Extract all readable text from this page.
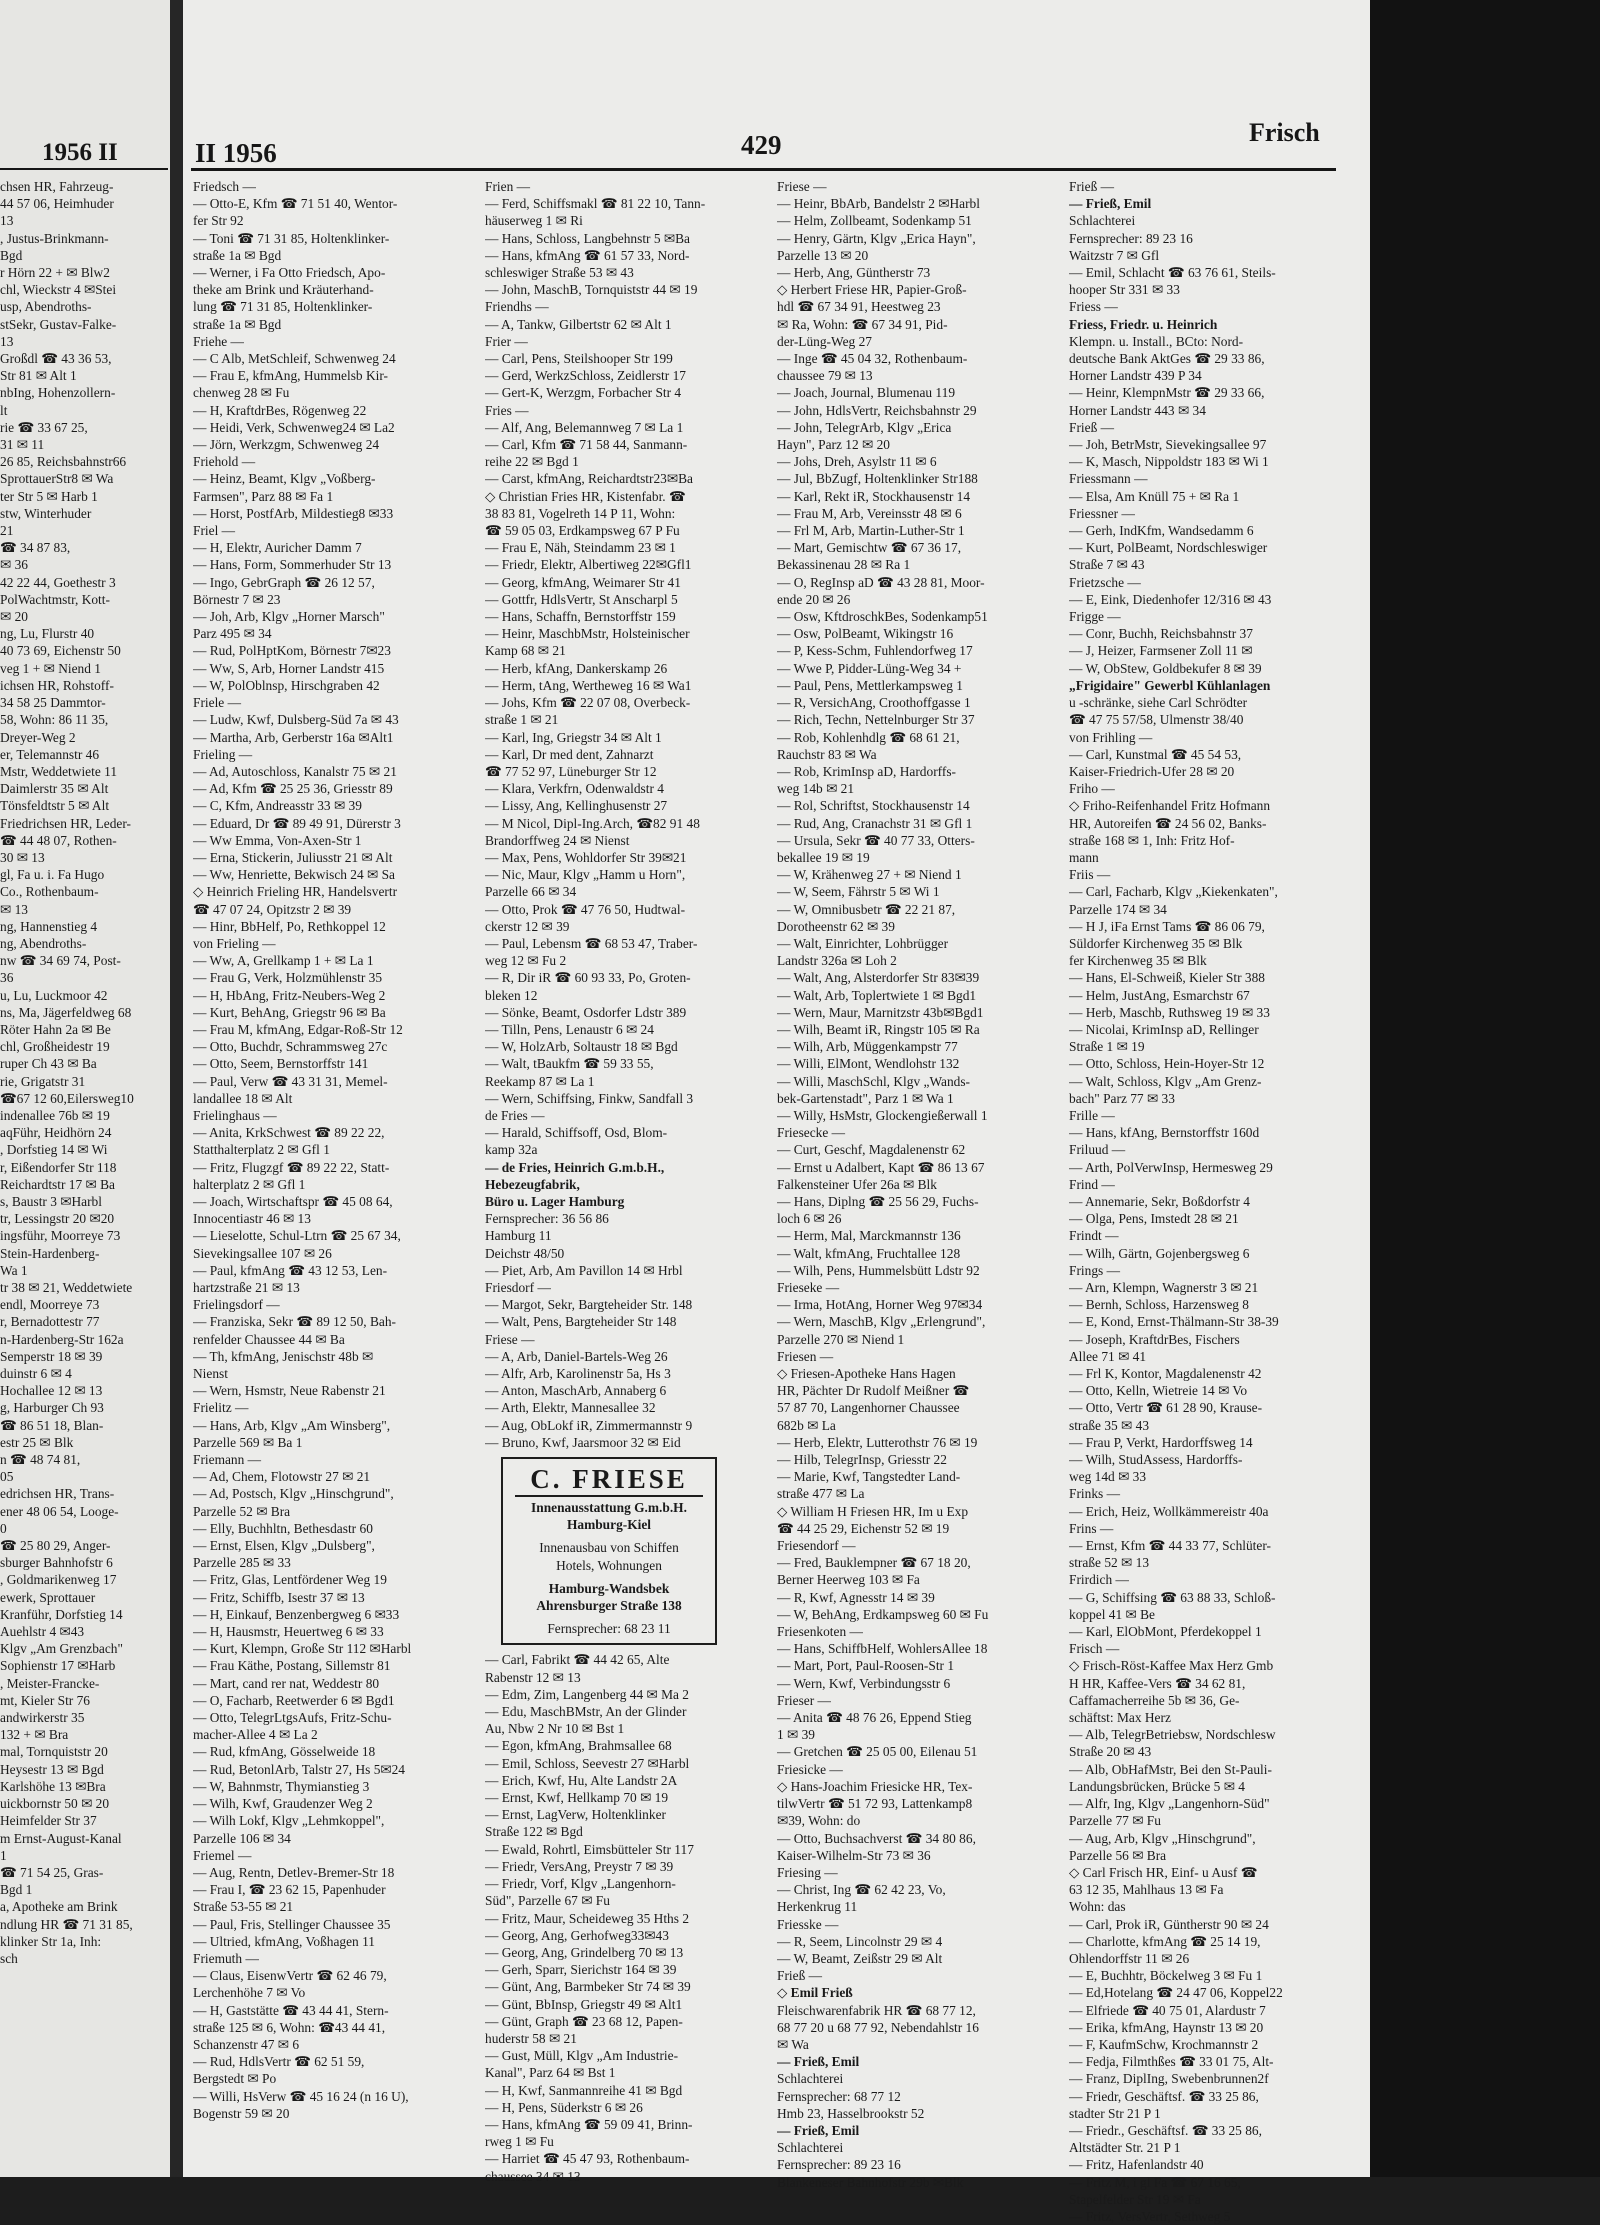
1956 II
chsen HR, Fahrzeug-
44 57 06, Heimhuder
13
, Justus-Brinkmann-
Bgd
r Hörn 22 + ✉ Blw2
chl, Wieckstr 4 ✉Stei
usp, Abendroths-
stSekr, Gustav-Falke-
13
Großdl ☎ 43 36 53,
Str 81 ✉ Alt 1
nbIng, Hohenzollern-
lt
rie ☎ 33 67 25,
31 ✉ 11
26 85, Reichsbahnstr66
SprottauerStr8 ✉ Wa
ter Str 5 ✉ Harb 1
stw, Winterhuder
21
☎ 34 87 83,
✉ 36
42 22 44, Goethestr 3
PolWachtmstr, Kott-
✉ 20
ng, Lu, Flurstr 40
40 73 69, Eichenstr 50
veg 1 + ✉ Niend 1
ichsen HR, Rohstoff-
34 58 25 Dammtor-
58, Wohn: 86 11 35,
Dreyer-Weg 2
er, Telemannstr 46
Mstr, Weddetwiete 11
Daimlerstr 35 ✉ Alt
Tönsfeldtstr 5 ✉ Alt
Friedrichsen HR, Leder-
☎ 44 48 07, Rothen-
30 ✉ 13
gl, Fa u. i. Fa Hugo
Co., Rothenbaum-
✉ 13
ng, Hannenstieg 4
ng, Abendroths-
nw ☎ 34 69 74, Post-
36
u, Lu, Luckmoor 42
ns, Ma, Jägerfeldweg 68
Röter Hahn 2a ✉ Be
chl, Großheidestr 19
ruper Ch 43 ✉ Ba
rie, Grigatstr 31
☎67 12 60,Eilersweg10
indenallee 76b ✉ 19
aqFühr, Heidhörn 24
, Dorfstieg 14 ✉ Wi
r, Eißendorfer Str 118
Reichardtstr 17 ✉ Ba
s, Baustr 3 ✉Harbl
tr, Lessingstr 20 ✉20
ingsführ, Moorreye 73
Stein-Hardenberg-
Wa 1
tr 38 ✉ 21, Weddetwiete
endl, Moorreye 73
r, Bernadottestr 77
n-Hardenberg-Str 162a
Semperstr 18 ✉ 39
duinstr 6 ✉ 4
Hochallee 12 ✉ 13
g, Harburger Ch 93
☎ 86 51 18, Blan-
estr 25 ✉ Blk
n ☎ 48 74 81,
05
edrichsen HR, Trans-
ener 48 06 54, Looge-
0
☎ 25 80 29, Anger-
sburger Bahnhofstr 6
, Goldmarikenweg 17
ewerk, Sprottauer
Kranführ, Dorfstieg 14
Auehlstr 4 ✉43
Klgv „Am Grenzbach"
Sophienstr 17 ✉Harb
, Meister-Francke-
mt, Kieler Str 76
andwirkerstr 35
132 + ✉ Bra
mal, Tornquiststr 20
Heysestr 13 ✉ Bgd
Karlshöhe 13 ✉Bra
uickbornstr 50 ✉ 20
Heimfelder Str 37
m Ernst-August-Kanal
1
☎ 71 54 25, Gras-
Bgd 1
a, Apotheke am Brink
ndlung HR ☎ 71 31 85,
klinker Str 1a, Inh:
sch
II 1956	429	Frisch
Friedsch —
— Otto-E, Kfm ☎ 71 51 40, Wentor-
fer Str 92
— Toni ☎ 71 31 85, Holtenklinker-
straße 1a ✉ Bgd
— Werner, i Fa Otto Friedsch, Apo-
theke am Brink und Kräuterhand-
lung ☎ 71 31 85, Holtenklinker-
straße 1a ✉ Bgd
Friehe —
— C Alb, MetSchleif, Schwenweg 24
— Frau E, kfmAng, Hummelsb Kir-
chenweg 28 ✉ Fu
— H, KraftdrBes, Rögenweg 22
— Heidi, Verk, Schwenweg24 ✉ La2
— Jörn, Werkzgm, Schwenweg 24
Friehold —
— Heinz, Beamt, Klgv „Voßberg-
Farmsen", Parz 88 ✉ Fa 1
— Horst, PostfArb, Mildestieg8 ✉33
Friel —
— H, Elektr, Auricher Damm 7
— Hans, Form, Sommerhuder Str 13
— Ingo, GebrGraph ☎ 26 12 57,
Börnestr 7 ✉ 23
— Joh, Arb, Klgv „Horner Marsch"
Parz 495 ✉ 34
— Rud, PolHptKom, Börnestr 7✉23
— Ww, S, Arb, Horner Landstr 415
— W, PolOblnsp, Hirschgraben 42
Friele —
— Ludw, Kwf, Dulsberg-Süd 7a ✉ 43
— Martha, Arb, Gerberstr 16a ✉Alt1
Frieling —
— Ad, Autoschloss, Kanalstr 75 ✉ 21
— Ad, Kfm ☎ 25 25 36, Griesstr 89
— C, Kfm, Andreasstr 33 ✉ 39
— Eduard, Dr ☎ 89 49 91, Dürerstr 3
— Ww Emma, Von-Axen-Str 1
— Erna, Stickerin, Juliusstr 21 ✉ Alt
— Ww, Henriette, Bekwisch 24 ✉ Sa
◇ Heinrich Frieling HR, Handelsvertr
☎ 47 07 24, Opitzstr 2 ✉ 39
— Hinr, BbHelf, Po, Rethkoppel 12
von Frieling —
— Ww, A, Grellkamp 1 + ✉ La 1
— Frau G, Verk, Holzmühlenstr 35
— H, HbAng, Fritz-Neubers-Weg 2
— Kurt, BehAng, Griegstr 96 ✉ Ba
— Frau M, kfmAng, Edgar-Roß-Str 12
— Otto, Buchdr, Schrammsweg 27c
— Otto, Seem, Bernstorffstr 141
— Paul, Verw ☎ 43 31 31, Memel-
landallee 18 ✉ Alt
Frielinghaus —
— Anita, KrkSchwest ☎ 89 22 22,
Statthalterplatz 2 ✉ Gfl 1
— Fritz, Flugzgf ☎ 89 22 22, Statt-
halterplatz 2 ✉ Gfl 1
— Joach, Wirtschaftspr ☎ 45 08 64,
Innocentiastr 46 ✉ 13
— Lieselotte, Schul-Ltrn ☎ 25 67 34,
Sievekingsallee 107 ✉ 26
— Paul, kfmAng ☎ 43 12 53, Len-
hartzstraße 21 ✉ 13
Frielingsdorf —
— Franziska, Sekr ☎ 89 12 50, Bah-
renfelder Chaussee 44 ✉ Ba
— Th, kfmAng, Jenischstr 48b ✉
Nienst
— Wern, Hsmstr, Neue Rabenstr 21
Frielitz —
— Hans, Arb, Klgv „Am Winsberg",
Parzelle 569 ✉ Ba 1
Friemann —
— Ad, Chem, Flotowstr 27 ✉ 21
— Ad, Postsch, Klgv „Hinschgrund",
Parzelle 52 ✉ Bra
— Elly, Buchhltn, Bethesdastr 60
— Ernst, Elsen, Klgv „Dulsberg",
Parzelle 285 ✉ 33
— Fritz, Glas, Lentfördener Weg 19
— Fritz, Schiffb, Isestr 37 ✉ 13
— H, Einkauf, Benzenbergweg 6 ✉33
— H, Hausmstr, Heuertweg 6 ✉ 33
— Kurt, Klempn, Große Str 112 ✉Harbl
— Frau Käthe, Postang, Sillemstr 81
— Mart, cand rer nat, Weddestr 80
— O, Facharb, Reetwerder 6 ✉ Bgd1
— Otto, TelegrLtgsAufs, Fritz-Schu-
macher-Allee 4 ✉ La 2
— Rud, kfmAng, Gösselweide 18
— Rud, BetonlArb, Talstr 27, Hs 5✉24
— W, Bahnmstr, Thymianstieg 3
— Wilh, Kwf, Graudenzer Weg 2
— Wilh Lokf, Klgv „Lehmkoppel",
Parzelle 106 ✉ 34
Friemel —
— Aug, Rentn, Detlev-Bremer-Str 18
— Frau I, ☎ 23 62 15, Papenhuder
Straße 53-55 ✉ 21
— Paul, Fris, Stellinger Chaussee 35
— Ultried, kfmAng, Voßhagen 11
Friemuth —
— Claus, EisenwVertr ☎ 62 46 79,
Lerchenhöhe 7 ✉ Vo
— H, Gaststätte ☎ 43 44 41, Stern-
straße 125 ✉ 6, Wohn: ☎43 44 41,
Schanzenstr 47 ✉ 6
— Rud, HdlsVertr ☎ 62 51 59,
Bergstedt ✉ Po
— Willi, HsVerw ☎ 45 16 24 (n 16 U),
Bogenstr 59 ✉ 20
Frien —
— Ferd, Schiffsmakl ☎ 81 22 10, Tann-
häuserweg 1 ✉ Ri
— Hans, Schloss, Langbehnstr 5 ✉Ba
— Hans, kfmAng ☎ 61 57 33, Nord-
schleswiger Straße 53 ✉ 43
— John, MaschB, Tornquiststr 44 ✉ 19
Friendhs —
— A, Tankw, Gilbertstr 62 ✉ Alt 1
Frier —
— Carl, Pens, Steilshooper Str 199
— Gerd, WerkzSchloss, Zeidlerstr 17
— Gert-K, Werzgm, Forbacher Str 4
Fries —
— Alf, Ang, Belemannweg 7 ✉ La 1
— Carl, Kfm ☎ 71 58 44, Sanmann-
reihe 22 ✉ Bgd 1
— Carst, kfmAng, Reichardtstr23✉Ba
◇ Christian Fries HR, Kistenfabr. ☎
38 83 81, Vogelreth 14 P 11, Wohn:
☎ 59 05 03, Erdkampsweg 67 P Fu
— Frau E, Näh, Steindamm 23 ✉ 1
— Friedr, Elektr, Albertiweg 22✉Gfl1
— Georg, kfmAng, Weimarer Str 41
— Gottfr, HdlsVertr, St Anscharpl 5
— Hans, Schaffn, Bernstorffstr 159
— Heinr, MaschbMstr, Holsteinischer
Kamp 68 ✉ 21
— Herb, kfAng, Dankerskamp 26
— Herm, tAng, Wertheweg 16 ✉ Wa1
— Johs, Kfm ☎ 22 07 08, Overbeck-
straße 1 ✉ 21
— Karl, Ing, Griegstr 34 ✉ Alt 1
— Karl, Dr med dent, Zahnarzt
☎ 77 52 97, Lüneburger Str 12
— Klara, Verkfrn, Odenwaldstr 4
— Lissy, Ang, Kellinghusenstr 27
— M Nicol, Dipl-Ing.Arch, ☎82 91 48
Brandorffweg 24 ✉ Nienst
— Max, Pens, Wohldorfer Str 39✉21
— Nic, Maur, Klgv „Hamm u Horn",
Parzelle 66 ✉ 34
— Otto, Prok ☎ 47 76 50, Hudtwal-
ckerstr 12 ✉ 39
— Paul, Lebensm ☎ 68 53 47, Traber-
weg 12 ✉ Fu 2
— R, Dir iR ☎ 60 93 33, Po, Groten-
bleken 12
— Sönke, Beamt, Osdorfer Ldstr 389
— Tilln, Pens, Lenaustr 6 ✉ 24
— W, HolzArb, Soltaustr 18 ✉ Bgd
— Walt, tBaukfm ☎ 59 33 55,
Reekamp 87 ✉ La 1
— Wern, Schiffsing, Finkw, Sandfall 3
de Fries —
— Harald, Schiffsoff, Osd, Blom-
kamp 32a
— de Fries, Heinrich G.m.b.H.,
Hebezeugfabrik,
Büro u. Lager Hamburg
Fernsprecher: 36 56 86
Hamburg 11
Deichstr 48/50
— Piet, Arb, Am Pavillon 14 ✉ Hrbl
Friesdorf —
— Margot, Sekr, Bargteheider Str. 148
— Walt, Pens, Bargteheider Str 148
Friese —
— A, Arb, Daniel-Bartels-Weg 26
— Alfr, Arb, Karolinenstr 5a, Hs 3
— Anton, MaschArb, Annaberg 6
— Arth, Elektr, Mannesallee 32
— Aug, ObLokf iR, Zimmermannstr 9
— Bruno, Kwf, Jaarsmoor 32 ✉ Eid
C. FRIESE
Innenausstattung G.m.b.H.
Hamburg-Kiel
Innenausbau von Schiffen
Hotels, Wohnungen
Hamburg-Wandsbek
Ahrensburger Straße 138
Fernsprecher: 68 23 11
— Carl, Fabrikt ☎ 44 42 65, Alte
Rabenstr 12 ✉ 13
— Edm, Zim, Langenberg 44 ✉ Ma 2
— Edu, MaschBMstr, An der Glinder
Au, Nbw 2 Nr 10 ✉ Bst 1
— Egon, kfmAng, Brahmsallee 68
— Emil, Schloss, Seevestr 27 ✉Harbl
— Erich, Kwf, Hu, Alte Landstr 2A
— Ernst, Kwf, Hellkamp 70 ✉ 19
— Ernst, LagVerw, Holtenklinker
Straße 122 ✉ Bgd
— Ewald, Rohrtl, Eimsbütteler Str 117
— Friedr, VersAng, Preystr 7 ✉ 39
— Friedr, Vorf, Klgv „Langenhorn-
Süd", Parzelle 67 ✉ Fu
— Fritz, Maur, Scheideweg 35 Hths 2
— Georg, Ang, Gerhofweg33✉43
— Georg, Ang, Grindelberg 70 ✉ 13
— Gerh, Sparr, Sierichstr 164 ✉ 39
— Günt, Ang, Barmbeker Str 74 ✉ 39
— Günt, BbInsp, Griegstr 49 ✉ Alt1
— Günt, Graph ☎ 23 68 12, Papen-
huderstr 58 ✉ 21
— Gust, Müll, Klgv „Am Industrie-
Kanal", Parz 64 ✉ Bst 1
— H, Kwf, Sanmannreihe 41 ✉ Bgd
— H, Pens, Süderkstr 6 ✉ 26
— Hans, kfmAng ☎ 59 09 41, Brinn-
rweg 1 ✉ Fu
— Harriet ☎ 45 47 93, Rothenbaum-
chaussee 34 ✉ 13
Friese —
— Heinr, BbArb, Bandelstr 2 ✉Harbl
— Helm, Zollbeamt, Sodenkamp 51
— Henry, Gärtn, Klgv „Erica Hayn",
Parzelle 13 ✉ 20
— Herb, Ang, Güntherstr 73
◇ Herbert Friese HR, Papier-Groß-
hdl ☎ 67 34 91, Heestweg 23
✉ Ra, Wohn: ☎ 67 34 91, Pid-
der-Lüng-Weg 27
— Inge ☎ 45 04 32, Rothenbaum-
chaussee 79 ✉ 13
— Joach, Journal, Blumenau 119
— John, HdlsVertr, Reichsbahnstr 29
— John, TelegrArb, Klgv „Erica
Hayn", Parz 12 ✉ 20
— Johs, Dreh, Asylstr 11 ✉ 6
— Jul, BbZugf, Holtenklinker Str188
— Karl, Rekt iR, Stockhausenstr 14
— Frau M, Arb, Vereinsstr 48 ✉ 6
— Frl M, Arb, Martin-Luther-Str 1
— Mart, Gemischtw ☎ 67 36 17,
Bekassinenau 28 ✉ Ra 1
— O, RegInsp aD ☎ 43 28 81, Moor-
ende 20 ✉ 26
— Osw, KftdroschkBes, Sodenkamp51
— Osw, PolBeamt, Wikingstr 16
— P, Kess-Schm, Fuhlendorfweg 17
— Wwe P, Pidder-Lüng-Weg 34 +
— Paul, Pens, Mettlerkampsweg 1
— R, VersichAng, Croothoffgasse 1
— Rich, Techn, Nettelnburger Str 37
— Rob, Kohlenhdlg ☎ 68 61 21,
Rauchstr 83 ✉ Wa
— Rob, KrimInsp aD, Hardorffs-
weg 14b ✉ 21
— Rol, Schriftst, Stockhausenstr 14
— Rud, Ang, Cranachstr 31 ✉ Gfl 1
— Ursula, Sekr ☎ 40 77 33, Otters-
bekallee 19 ✉ 19
— W, Krähenweg 27 + ✉ Niend 1
— W, Seem, Fährstr 5 ✉ Wi 1
— W, Omnibusbetr ☎ 22 21 87,
Dorotheenstr 62 ✉ 39
— Walt, Einrichter, Lohbrügger
Landstr 326a ✉ Loh 2
— Walt, Ang, Alsterdorfer Str 83✉39
— Walt, Arb, Toplertwiete 1 ✉ Bgd1
— Wern, Maur, Marnitzstr 43b✉Bgd1
— Wilh, Beamt iR, Ringstr 105 ✉ Ra
— Wilh, Arb, Müggenkampstr 77
— Willi, ElMont, Wendlohstr 132
— Willi, MaschSchl, Klgv „Wands-
bek-Gartenstadt", Parz 1 ✉ Wa 1
— Willy, HsMstr, Glockengießerwall 1
Friesecke —
— Curt, Geschf, Magdalenenstr 62
— Ernst u Adalbert, Kapt ☎ 86 13 67
Falkensteiner Ufer 26a ✉ Blk
— Hans, Diplng ☎ 25 56 29, Fuchs-
loch 6 ✉ 26
— Herm, Mal, Marckmannstr 136
— Walt, kfmAng, Fruchtallee 128
— Wilh, Pens, Hummelsbütt Ldstr 92
Frieseke —
— Irma, HotAng, Horner Weg 97✉34
— Wern, MaschB, Klgv „Erlengrund",
Parzelle 270 ✉ Niend 1
Friesen —
◇ Friesen-Apotheke Hans Hagen
HR, Pächter Dr Rudolf Meißner ☎
57 87 70, Langenhorner Chaussee
682b ✉ La
— Herb, Elektr, Lutterothstr 76 ✉ 19
— Hilb, TelegrInsp, Griesstr 22
— Marie, Kwf, Tangstedter Land-
straße 477 ✉ La
◇ William H Friesen HR, Im u Exp
☎ 44 25 29, Eichenstr 52 ✉ 19
Friesendorf —
— Fred, Bauklempner ☎ 67 18 20,
Berner Heerweg 103 ✉ Fa
— R, Kwf, Agnesstr 14 ✉ 39
— W, BehAng, Erdkampsweg 60 ✉ Fu
Friesenkoten —
— Hans, SchiffbHelf, WohlersAllee 18
— Mart, Port, Paul-Roosen-Str 1
— Wern, Kwf, Verbindungsstr 6
Frieser —
— Anita ☎ 48 76 26, Eppend Stieg
1 ✉ 39
— Gretchen ☎ 25 05 00, Eilenau 51
Friesicke —
◇ Hans-Joachim Friesicke HR, Tex-
tilwVertr ☎ 51 72 93, Lattenkamp8
✉39, Wohn: do
— Otto, Buchsachverst ☎ 34 80 86,
Kaiser-Wilhelm-Str 73 ✉ 36
Friesing —
— Christ, Ing ☎ 62 42 23, Vo,
Herkenkrug 11
Friesske —
— R, Seem, Lincolnstr 29 ✉ 4
— W, Beamt, Zeißstr 29 ✉ Alt
Frieß —
◇ Emil Frieß
Fleischwarenfabrik HR ☎ 68 77 12,
68 77 20 u 68 77 92, Nebendahlstr 16
✉ Wa
— Frieß, Emil
Schlachterei
Fernsprecher: 68 77 12
Hmb 23, Hasselbrookstr 52
— Frieß, Emil
Schlachterei
Fernsprecher: 89 23 16
Blankeneser Bahnhofstr 29b ✉Blk
Frieß —
— Frieß, Emil
Schlachterei
Fernsprecher: 89 23 16
Waitzstr 7 ✉ Gfl
— Emil, Schlacht ☎ 63 76 61, Steils-
hooper Str 331 ✉ 33
Friess —
Friess, Friedr. u. Heinrich
Klempn. u. Install., BCto: Nord-
deutsche Bank AktGes ☎ 29 33 86,
Horner Landstr 439 P 34
— Heinr, KlempnMstr ☎ 29 33 66,
Horner Landstr 443 ✉ 34
Frieß —
— Joh, BetrMstr, Sievekingsallee 97
— K, Masch, Nippoldstr 183 ✉ Wi 1
Friessmann —
— Elsa, Am Knüll 75 + ✉ Ra 1
Friessner —
— Gerh, IndKfm, Wandsedamm 6
— Kurt, PolBeamt, Nordschleswiger
Straße 7 ✉ 43
Frietzsche —
— E, Eink, Diedenhofer 12/316 ✉ 43
Frigge —
— Conr, Buchh, Reichsbahnstr 37
— J, Heizer, Farmsener Zoll 11 ✉
— W, ObStew, Goldbekufer 8 ✉ 39
„Frigidaire" Gewerbl Kühlanlagen
u -schränke, siehe Carl Schrödter
☎ 47 75 57/58, Ulmenstr 38/40
von Frihling —
— Carl, Kunstmal ☎ 45 54 53,
Kaiser-Friedrich-Ufer 28 ✉ 20
Friho —
◇ Friho-Reifenhandel Fritz Hofmann
HR, Autoreifen ☎ 24 56 02, Banks-
straße 168 ✉ 1, Inh: Fritz Hof-
mann
Friis —
— Carl, Facharb, Klgv „Kiekenkaten",
Parzelle 174 ✉ 34
— H J, iFa Ernst Tams ☎ 86 06 79,
Süldorfer Kirchenweg 35 ✉ Blk
fer Kirchenweg 35 ✉ Blk
— Hans, El-Schweiß, Kieler Str 388
— Helm, JustAng, Esmarchstr 67
— Herb, Maschb, Ruthsweg 19 ✉ 33
— Nicolai, KrimInsp aD, Rellinger
Straße 1 ✉ 19
— Otto, Schloss, Hein-Hoyer-Str 12
— Walt, Schloss, Klgv „Am Grenz-
bach" Parz 77 ✉ 33
Frille —
— Hans, kfAng, Bernstorffstr 160d
Friluud —
— Arth, PolVerwInsp, Hermesweg 29
Frind —
— Annemarie, Sekr, Boßdorfstr 4
— Olga, Pens, Imstedt 28 ✉ 21
Frindt —
— Wilh, Gärtn, Gojenbergsweg 6
Frings —
— Arn, Klempn, Wagnerstr 3 ✉ 21
— Bernh, Schloss, Harzensweg 8
— E, Kond, Ernst-Thälmann-Str 38-39
— Joseph, KraftdrBes, Fischers
Allee 71 ✉ 41
— Frl K, Kontor, Magdalenenstr 42
— Otto, Kelln, Wietreie 14 ✉ Vo
— Otto, Vertr ☎ 61 28 90, Krause-
straße 35 ✉ 43
— Frau P, Verkt, Hardorffsweg 14
— Wilh, StudAssess, Hardorffs-
weg 14d ✉ 33
Frinks —
— Erich, Heiz, Wollkämmereistr 40a
Frins —
— Ernst, Kfm ☎ 44 33 77, Schlüter-
straße 52 ✉ 13
Frirdich —
— G, Schiffsing ☎ 63 88 33, Schloß-
koppel 41 ✉ Be
— Karl, ElObMont, Pferdekoppel 1
Frisch —
◇ Frisch-Röst-Kaffee Max Herz Gmb
H HR, Kaffee-Vers ☎ 34 62 81,
Caffamacherreihe 5b ✉ 36, Ge-
schäftst: Max Herz
— Alb, TelegrBetriebsw, Nordschlesw
Straße 20 ✉ 43
— Alb, ObHafMstr, Bei den St-Pauli-
Landungsbrücken, Brücke 5 ✉ 4
— Alfr, Ing, Klgv „Langenhorn-Süd"
Parzelle 77 ✉ Fu
— Aug, Arb, Klgv „Hinschgrund",
Parzelle 56 ✉ Bra
◇ Carl Frisch HR, Einf- u Ausf ☎
63 12 35, Mahlhaus 13 ✉ Fa
Wohn: das
— Carl, Prok iR, Güntherstr 90 ✉ 24
— Charlotte, kfmAng ☎ 25 14 19,
Ohlendorffstr 11 ✉ 26
— E, Buchhtr, Böckelweg 3 ✉ Fu 1
— Ed,Hotelang ☎ 24 47 06, Koppel22
— Elfriede ☎ 40 75 01, Alardustr 7
— Erika, kfmAng, Haynstr 13 ✉ 20
— F, KaufmSchw, Krochmannstr 2
— Fedja, Filmthßes ☎ 33 01 75, Alt-
— Franz, DiplIng, Swebenbrunnen2f
— Friedr, Geschäftsf. ☎ 33 25 86,
stadter Str 21 P 1
— Friedr., Geschäftsf. ☎ 33 25 86,
Altstädter Str. 21 P 1
— Fritz, Hafenlandstr 40
— Fritz M, i gl Fa ☎ 67 16 65,
Stapelfelder Str 19 ✉ Fa
— Fritz, VersVertr, Sethweg 5
